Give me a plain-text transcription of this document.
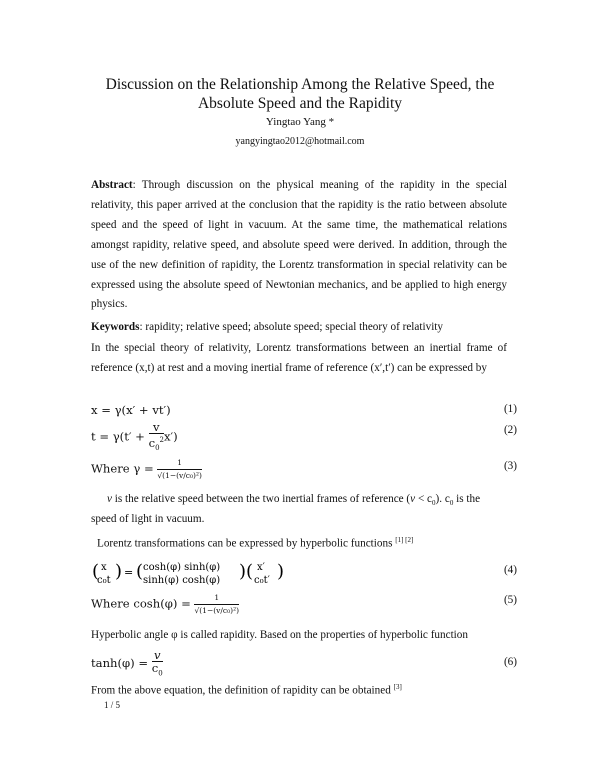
Discussion on the Relationship Among the Relative Speed, the
Absolute Speed and the Rapidity
Yingtao Yang *
yangyingtao2012@hotmail.com
Abstract: Through discussion on the physical meaning of the rapidity in the special relativity, this paper arrived at the conclusion that the rapidity is the ratio between absolute speed and the speed of light in vacuum. At the same time, the mathematical relations amongst rapidity, relative speed, and absolute speed were derived. In addition, through the use of the new definition of rapidity, the Lorentz transformation in special relativity can be expressed using the absolute speed of Newtonian mechanics, and be applied to high energy physics.
Keywords: rapidity; relative speed; absolute speed; special theory of relativity
In the special theory of relativity, Lorentz transformations between an inertial frame of reference (x,t) at rest and a moving inertial frame of reference (x′,t′) can be expressed by
x = γ(x′ + vt′)	(1)
$t = \gamma(t' + \frac{v}{c_0^2} x')$	(2)
Where $\gamma = \frac{1}{\text{√(1−(v/c₀)²)}}$	(3)
v is the relative speed between the two inertial frames of reference $(v < c_0)$. $c_0$ is the
speed of light in vacuum.
Lorentz transformations can be expressed by hyperbolic functions [1] [2]
( x
c₀t ) = ( cosh(φ) sinh(φ)
sinh(φ) cosh(φ) )( x′
c₀t′ )	(4)
Where $\cosh(\varphi) = \frac{1}{\text{√(1−(v/c₀)²)}}$	(5)
Hyperbolic angle φ is called rapidity. Based on the properties of hyperbolic function
$\tanh(\varphi) = \frac{v}{c_0}$	(6)
From the above equation, the definition of rapidity can be obtained [3]
1 / 5
